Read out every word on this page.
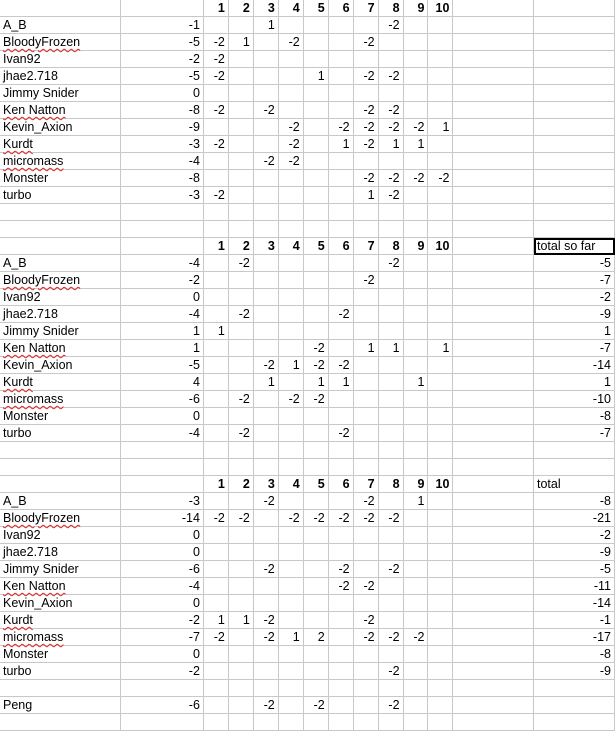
		1	2	3	4	5	6	7	8	9	10		
A_B	-1			1					-2				
BloodyFrozen	-5	-2	1		-2			-2					
Ivan92	-2	-2											
jhae2.718	-5	-2				1		-2	-2				
Jimmy Snider	0												
Ken Natton	-8	-2		-2				-2	-2				
Kevin_Axion	-9				-2		-2	-2	-2	-2	1		
Kurdt	-3	-2			-2		1	-2	1	1			
micromass	-4			-2	-2								
Monster	-8							-2	-2	-2	-2		
turbo	-3	-2						1	-2				

		1	2	3	4	5	6	7	8	9	10		total so far
A_B	-4		-2						-2				-5
BloodyFrozen	-2							-2					-7
Ivan92	0												-2
jhae2.718	-4		-2				-2						-9
Jimmy Snider	1	1											1
Ken Natton	1					-2		1	1		1		-7
Kevin_Axion	-5			-2	1	-2	-2						-14
Kurdt	4			1		1	1			1			1
micromass	-6		-2		-2	-2							-10
Monster	0												-8
turbo	-4		-2				-2						-7

		1	2	3	4	5	6	7	8	9	10		total
A_B	-3			-2				-2		1			-8
BloodyFrozen	-14	-2	-2		-2	-2	-2	-2	-2				-21
Ivan92	0												-2
jhae2.718	0												-9
Jimmy Snider	-6			-2			-2		-2				-5
Ken Natton	-4						-2	-2					-11
Kevin_Axion	0												-14
Kurdt	-2	1	1	-2				-2					-1
micromass	-7	-2		-2	1	2		-2	-2	-2			-17
Monster	0												-8
turbo	-2								-2				-9

Peng	-6			-2		-2			-2				
